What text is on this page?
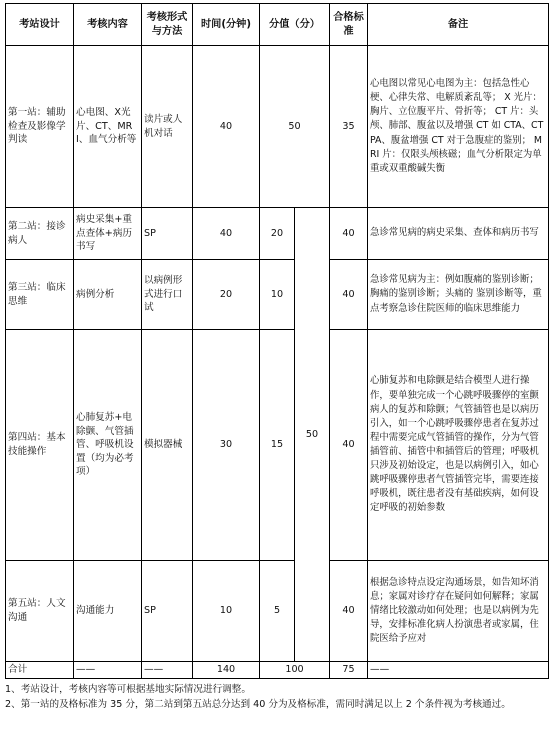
考站设计	考核内容	考核形式与方法	时间(分钟)	分值（分）		合格标准	备注
第一站：辅助检查及影像学判读	心电图、X光片、CT、MRI、血气分析等	读片或人机对话	40	50		35	心电图以常见心电图为主：包括急性心梗、心律失常、电解质紊乱等； X 光片：胸片、立位腹平片、骨折等； CT 片：头颅、肺部、腹盆以及增强 CT 如 CTA、CTPA、腹盆增强 CT 对于急腹症的鉴别； MRI 片：仅限头颅核磁；血气分析限定为单重或双重酸碱失衡
第二站：接诊病人	病史采集+重点查体+病历书写	SP	40	20	50	40	急诊常见病的病史采集、查体和病历书写
第三站：临床思维	病例分析	以病例形式进行口试	20	10		40	急诊常见病为主：例如腹痛的鉴别诊断；胸痛的鉴别诊断；头痛的 鉴别诊断等，重点考察急诊住院医师的临床思维能力
第四站：基本技能操作	心肺复苏+电除颤、气管插管、呼吸机设置（均为必考项）	模拟器械	30	15		40	心肺复苏和电除颤是结合模型人进行操作，要单独完成一个心跳呼吸骤停的室颤病人的复苏和除颤；气管插管也是以病历引入，如一个心跳呼吸骤停患者在复苏过程中需要完成气管插管的操作，分为气管插管前、插管中和插管后的管理；呼吸机只涉及初始设定，也是以病例引入，如心跳呼吸骤停患者气管插管完毕，需要连接呼吸机，既往患者没有基础疾病，如何设定呼吸的初始参数
第五站：人文沟通	沟通能力	SP	10	5		40	根据急诊特点设定沟通场景，如告知坏消息；家属对诊疗存在疑问如何解释；家属 情绪比较激动如何处理；也是以病例为先导，安排标准化病人扮演患者或家属，住院医给予应对
合计	——	——	140	100		75	——

1、考站设计，考核内容等可根据基地实际情况进行调整。

2、第一站的及格标准为 35 分，第二站到第五站总分达到 40 分为及格标准，需同时满足以上 2 个条件视为考核通过。
